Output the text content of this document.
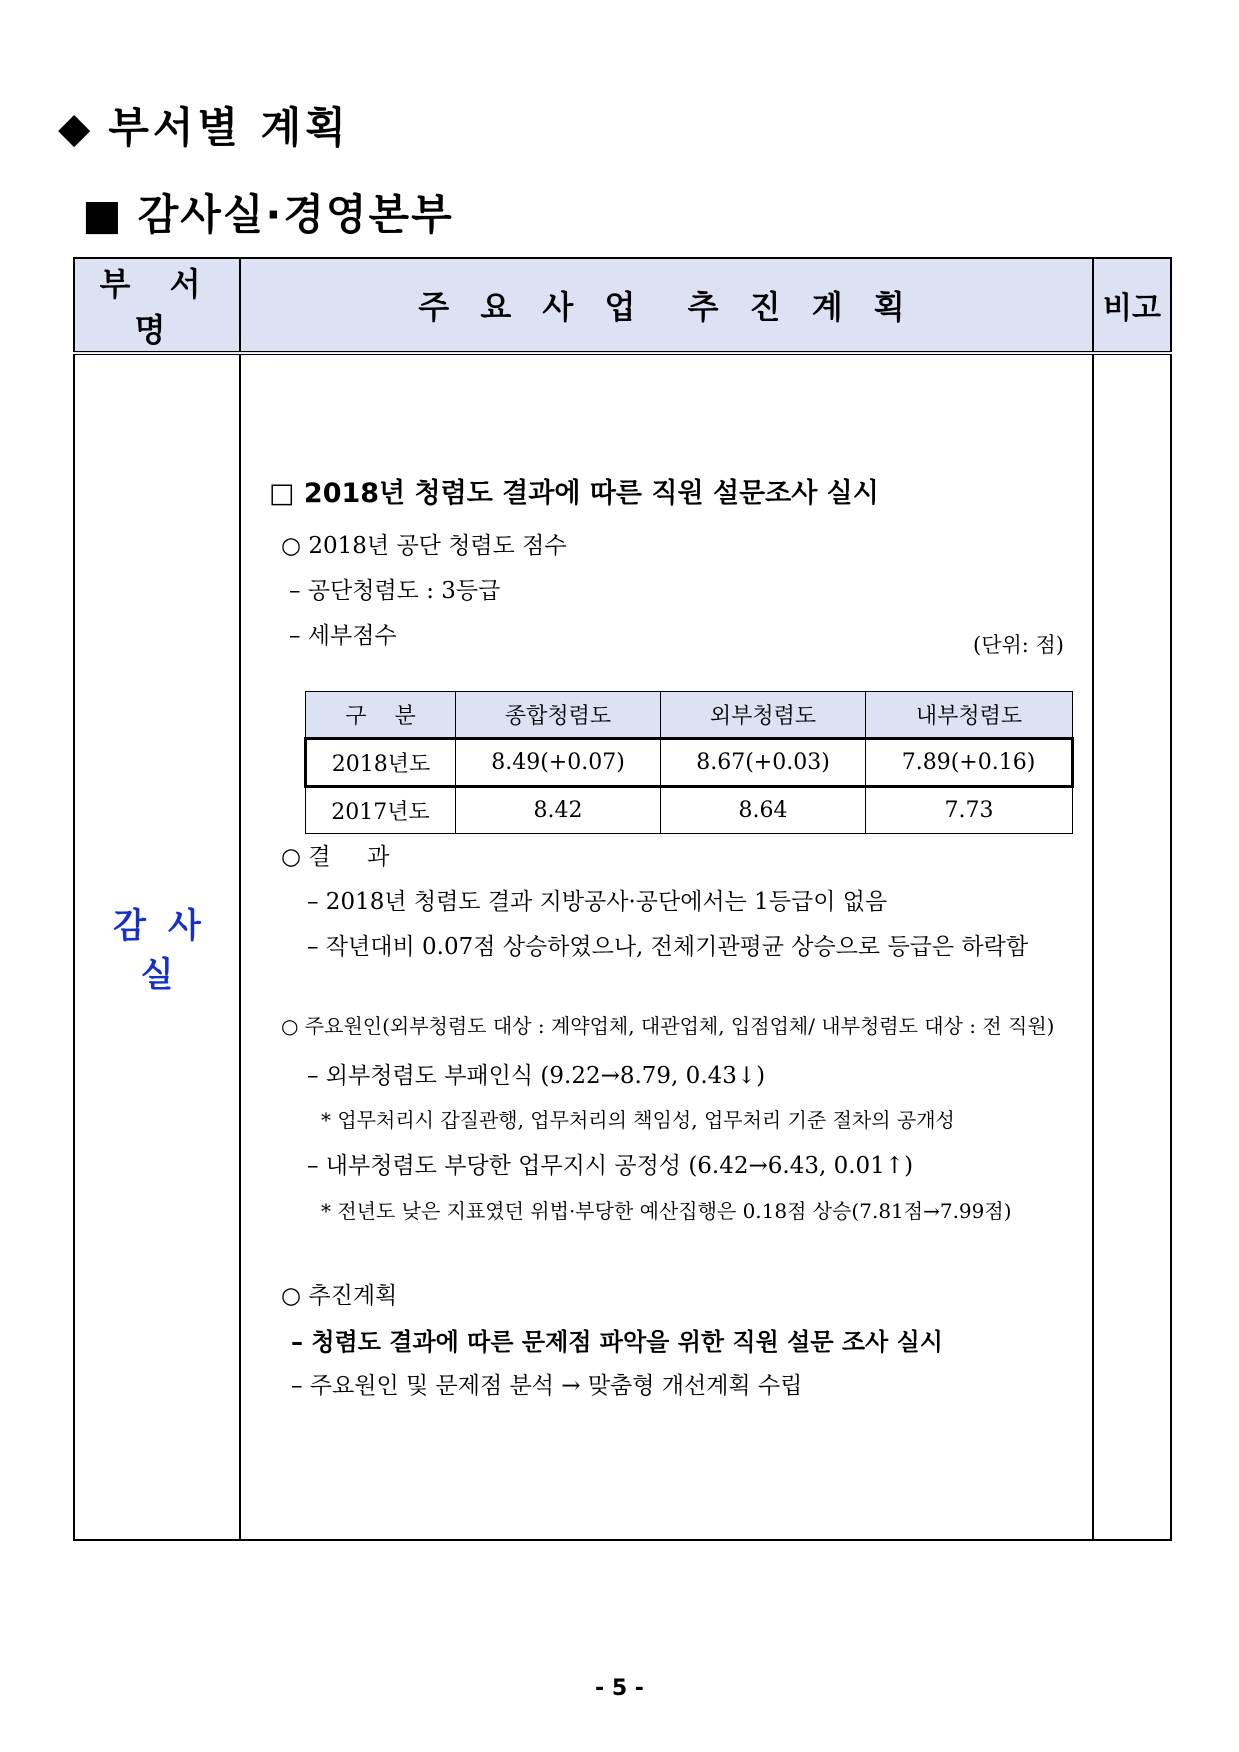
◆ 부서별 계획
■ 감사실·경영본부
부 서 명	주 요 사 업  추 진 계 획	비고
감사실	
□ 2018년 청렴도 결과에 따른 직원 설문조사 실시
○ 2018년 공단 청렴도 점수
– 공단청렴도 : 3등급
– 세부점수	(단위: 점)
구    분	종합청렴도	외부청렴도	내부청렴도
2018년도	8.49(+0.07)	8.67(+0.03)	7.89(+0.16)
2017년도	8.42	8.64	7.73
○ 결     과
– 2018년 청렴도 결과 지방공사·공단에서는 1등급이 없음
– 작년대비 0.07점 상승하였으나, 전체기관평균 상승으로 등급은 하락함
○ 주요원인(외부청렴도 대상 : 계약업체, 대관업체, 입점업체/ 내부청렴도 대상 : 전 직원)
– 외부청렴도 부패인식 (9.22→8.79, 0.43↓)
* 업무처리시 갑질관행, 업무처리의 책임성, 업무처리 기준 절차의 공개성
– 내부청렴도 부당한 업무지시 공정성 (6.42→6.43, 0.01↑)
* 전년도 낮은 지표였던 위법·부당한 예산집행은 0.18점 상승(7.81점→7.99점)
○ 추진계획
– 청렴도 결과에 따른 문제점 파악을 위한 직원 설문 조사 실시
– 주요원인 및 문제점 분석 → 맞춤형 개선계획 수립

- 5 -
